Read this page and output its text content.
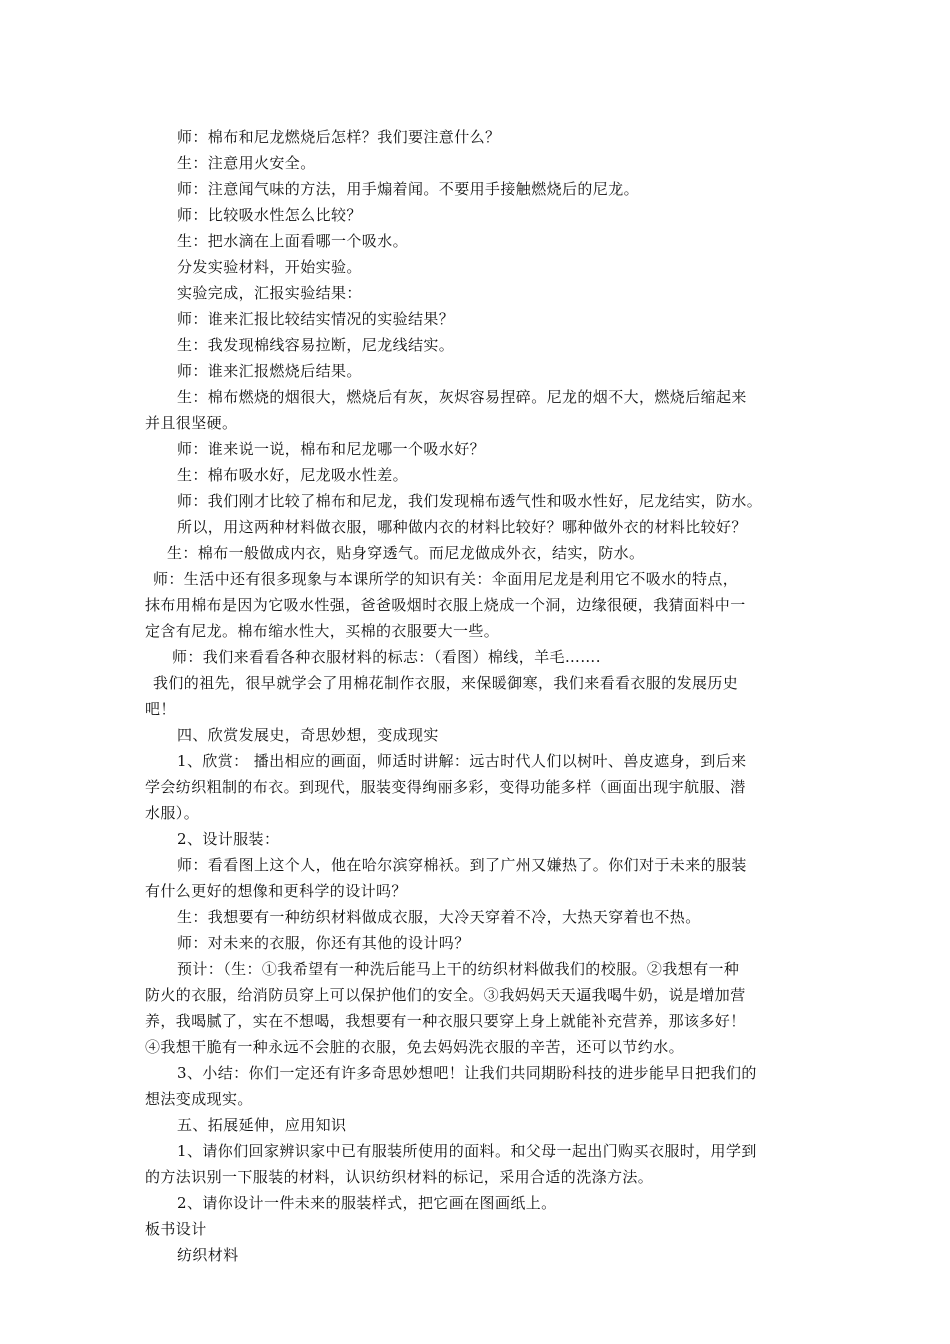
师：棉布和尼龙燃烧后怎样？我们要注意什么？
生：注意用火安全。
师：注意闻气味的方法，用手煽着闻。不要用手接触燃烧后的尼龙。
师：比较吸水性怎么比较？
生：把水滴在上面看哪一个吸水。
分发实验材料，开始实验。
实验完成，汇报实验结果：
师：谁来汇报比较结实情况的实验结果？
生：我发现棉线容易拉断，尼龙线结实。
师：谁来汇报燃烧后结果。
生：棉布燃烧的烟很大，燃烧后有灰，灰烬容易捏碎。尼龙的烟不大，燃烧后缩起来
并且很坚硬。
师：谁来说一说，棉布和尼龙哪一个吸水好？
生：棉布吸水好，尼龙吸水性差。
师：我们刚才比较了棉布和尼龙，我们发现棉布透气性和吸水性好，尼龙结实，防水。
所以，用这两种材料做衣服，哪种做内衣的材料比较好？哪种做外衣的材料比较好？
生：棉布一般做成内衣，贴身穿透气。而尼龙做成外衣，结实，防水。
师：生活中还有很多现象与本课所学的知识有关：伞面用尼龙是利用它不吸水的特点，
抹布用棉布是因为它吸水性强，爸爸吸烟时衣服上烧成一个洞，边缘很硬，我猜面料中一
定含有尼龙。棉布缩水性大，买棉的衣服要大一些。
师：我们来看看各种衣服材料的标志：（看图）棉线，羊毛…….
我们的祖先，很早就学会了用棉花制作衣服，来保暖御寒，我们来看看衣服的发展历史
吧！
四、欣赏发展史，奇思妙想，变成现实
1、欣赏： 播出相应的画面，师适时讲解：远古时代人们以树叶、兽皮遮身，到后来
学会纺织粗制的布衣。到现代，服装变得绚丽多彩，变得功能多样（画面出现宇航服、潜
水服）。
2、设计服装：
师：看看图上这个人，他在哈尔滨穿棉袄。到了广州又嫌热了。你们对于未来的服装
有什么更好的想像和更科学的设计吗？
生：我想要有一种纺织材料做成衣服，大冷天穿着不冷，大热天穿着也不热。
师：对未来的衣服，你还有其他的设计吗？
预计：（生：①我希望有一种洗后能马上干的纺织材料做我们的校服。②我想有一种
防火的衣服，给消防员穿上可以保护他们的安全。③我妈妈天天逼我喝牛奶，说是增加营
养，我喝腻了，实在不想喝，我想要有一种衣服只要穿上身上就能补充营养，那该多好！
④我想干脆有一种永远不会脏的衣服，免去妈妈洗衣服的辛苦，还可以节约水。
3、小结：你们一定还有许多奇思妙想吧！让我们共同期盼科技的进步能早日把我们的
想法变成现实。
五、拓展延伸，应用知识
1、请你们回家辨识家中已有服装所使用的面料。和父母一起出门购买衣服时，用学到
的方法识别一下服装的材料，认识纺织材料的标记，采用合适的洗涤方法。
2、请你设计一件未来的服装样式，把它画在图画纸上。
板书设计
纺织材料
